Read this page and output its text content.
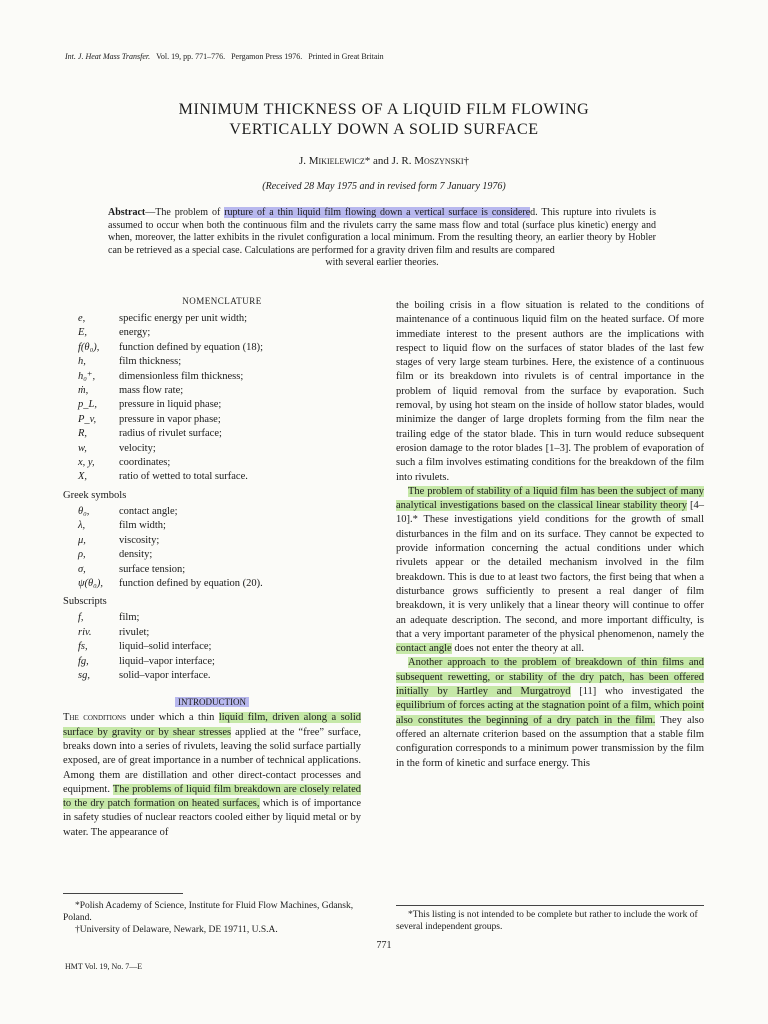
Int. J. Heat Mass Transfer. Vol. 19, pp. 771–776. Pergamon Press 1976. Printed in Great Britain
MINIMUM THICKNESS OF A LIQUID FILM FLOWING
VERTICALLY DOWN A SOLID SURFACE
J. Mikielewicz* and J. R. Moszynski†
(Received 28 May 1975 and in revised form 7 January 1976)

Abstract—The problem of rupture of a thin liquid film flowing down a vertical surface is considered. This rupture into rivulets is assumed to occur when both the continuous film and the rivulets carry the same mass flow and total (surface plus kinetic) energy and when, moreover, the latter exhibits in the rivulet configuration a local minimum. From the resulting theory, an earlier theory by Hobler can be retrieved as a special case. Calculations are performed for a gravity driven film and results are compared

with several earlier theories.

NOMENCLATURE
e,	specific energy per unit width;
E,	energy;
f(θ₀),	function defined by equation (18);
h,	film thickness;
h₀⁺,	dimensionless film thickness;
ṁ,	mass flow rate;
p_L,	pressure in liquid phase;
P_v,	pressure in vapor phase;
R,	radius of rivulet surface;
w,	velocity;
x, y,	coordinates;
X,	ratio of wetted to total surface.
Greek symbols
θ₀,	contact angle;
λ,	film width;
μ,	viscosity;
ρ,	density;
σ,	surface tension;
ψ(θ₀),	function defined by equation (20).
Subscripts
f,	film;
riv.	rivulet;
fs,	liquid–solid interface;
fg,	liquid–vapor interface;
sg,	solid–vapor interface.
INTRODUCTION

The conditions under which a thin liquid film, driven along a solid surface by gravity or by shear stresses applied at the “free” surface, breaks down into a series of rivulets, leaving the solid surface partially exposed, are of great importance in a number of technical applications. Among them are distillation and other direct-contact processes and equipment. The problems of liquid film breakdown are closely related to the dry patch formation on heated surfaces, which is of importance in safety studies of nuclear reactors cooled either by liquid metal or by water. The appearance of

*Polish Academy of Science, Institute for Fluid Flow Machines, Gdansk, Poland.

†University of Delaware, Newark, DE 19711, U.S.A.

the boiling crisis in a flow situation is related to the conditions of maintenance of a continuous liquid film on the heated surface. Of more immediate interest to the present authors are the implications with respect to liquid flow on the surfaces of stator blades of the last few stages of very large steam turbines. Here, the existence of a continuous film or its breakdown into rivulets is of central importance in the problem of liquid removal from the surface by evaporation. Such removal, by using hot steam on the inside of hollow stator blades, would minimize the danger of large droplets forming from the film near the trailing edge of the stator blade. This in turn would reduce subsequent erosion damage to the rotor blades [1–3]. The problem of evaporation of such a film involves estimating conditions for the breakdown of the film into rivulets.

The problem of stability of a liquid film has been the subject of many analytical investigations based on the classical linear stability theory [4–10].* These investigations yield conditions for the growth of small disturbances in the film and on its surface. They cannot be expected to provide information concerning the actual conditions under which rivulets appear or the detailed mechanism involved in the film breakdown. This is due to at least two factors, the first being that when a disturbance grows sufficiently to present a real danger of film breakdown, it is very unlikely that a linear theory will continue to offer an adequate description. The second, and more important difficulty, is that a very important parameter of the physical phenomenon, namely the contact angle does not enter the theory at all.

Another approach to the problem of breakdown of thin films and subsequent rewetting, or stability of the dry patch, has been offered initially by Hartley and Murgatroyd [11] who investigated the equilibrium of forces acting at the stagnation point of a film, which point also constitutes the beginning of a dry patch in the film. They also offered an alternate criterion based on the assumption that a stable film configuration corresponds to a minimum power transmission by the film in the form of kinetic and surface energy. This

*This listing is not intended to be complete but rather to include the work of several independent groups.

771
HMT Vol. 19, No. 7—E
